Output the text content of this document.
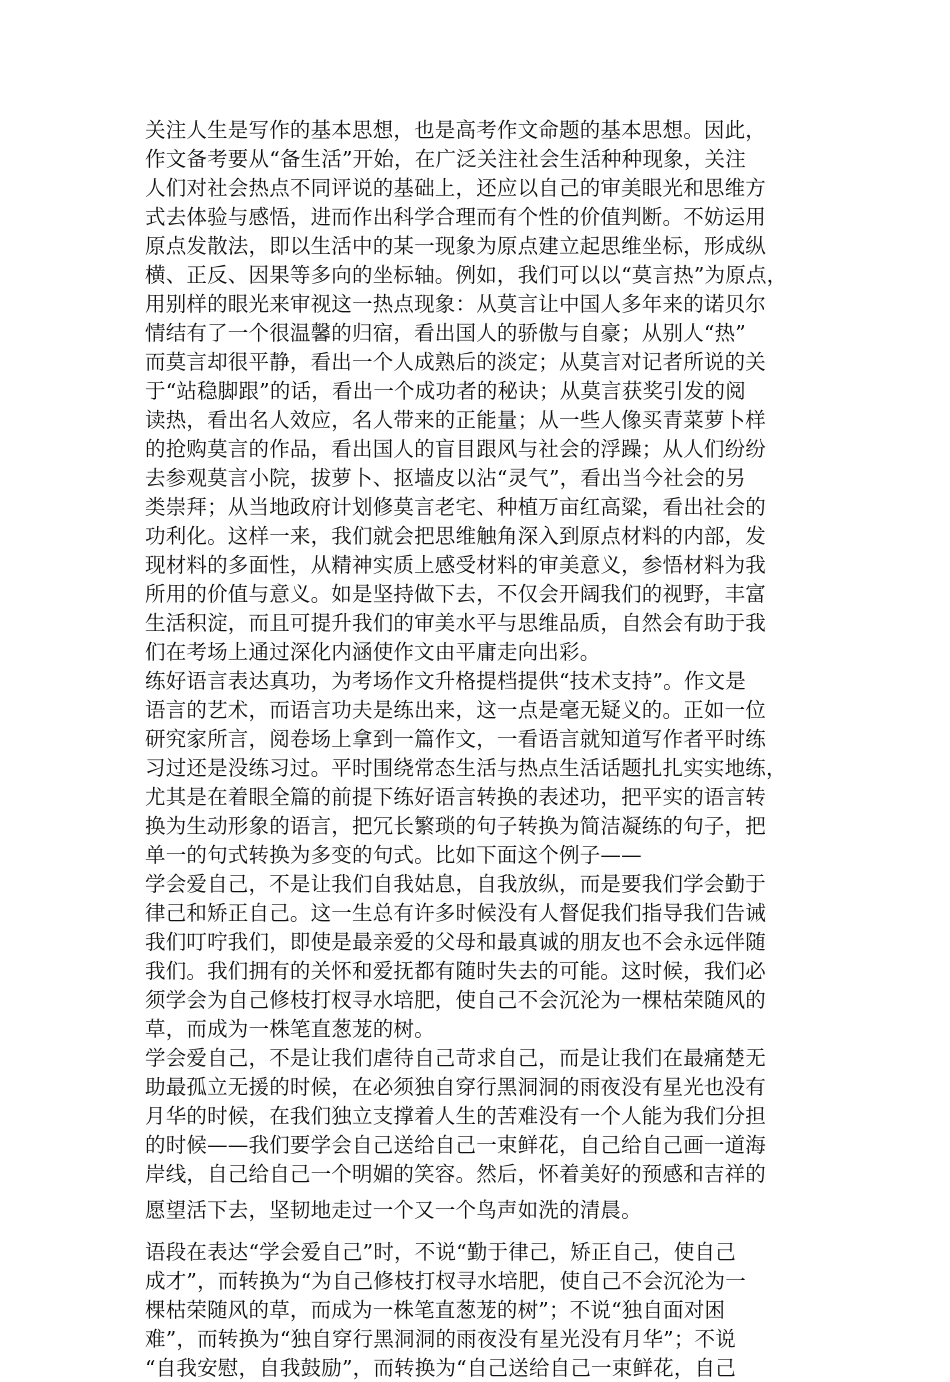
关注人生是写作的基本思想，也是高考作文命题的基本思想。因此，
作文备考要从“备生活”开始，在广泛关注社会生活种种现象，关注
人们对社会热点不同评说的基础上，还应以自己的审美眼光和思维方
式去体验与感悟，进而作出科学合理而有个性的价值判断。不妨运用
原点发散法，即以生活中的某一现象为原点建立起思维坐标，形成纵
横、正反、因果等多向的坐标轴。例如，我们可以以“莫言热”为原点，
用别样的眼光来审视这一热点现象：从莫言让中国人多年来的诺贝尔
情结有了一个很温馨的归宿，看出国人的骄傲与自豪；从别人“热”
而莫言却很平静，看出一个人成熟后的淡定；从莫言对记者所说的关
于“站稳脚跟”的话，看出一个成功者的秘诀；从莫言获奖引发的阅
读热，看出名人效应，名人带来的正能量；从一些人像买青菜萝卜样
的抢购莫言的作品，看出国人的盲目跟风与社会的浮躁；从人们纷纷
去参观莫言小院，拔萝卜、抠墙皮以沾“灵气”，看出当今社会的另
类崇拜；从当地政府计划修莫言老宅、种植万亩红高粱，看出社会的
功利化。这样一来，我们就会把思维触角深入到原点材料的内部，发
现材料的多面性，从精神实质上感受材料的审美意义，参悟材料为我
所用的价值与意义。如是坚持做下去，不仅会开阔我们的视野，丰富
生活积淀，而且可提升我们的审美水平与思维品质，自然会有助于我
们在考场上通过深化内涵使作文由平庸走向出彩。
练好语言表达真功，为考场作文升格提档提供“技术支持”。作文是
语言的艺术，而语言功夫是练出来，这一点是毫无疑义的。正如一位
研究家所言，阅卷场上拿到一篇作文，一看语言就知道写作者平时练
习过还是没练习过。平时围绕常态生活与热点生活话题扎扎实实地练，
尤其是在着眼全篇的前提下练好语言转换的表述功，把平实的语言转
换为生动形象的语言，把冗长繁琐的句子转换为简洁凝练的句子，把
单一的句式转换为多变的句式。比如下面这个例子——
学会爱自己，不是让我们自我姑息，自我放纵，而是要我们学会勤于
律己和矫正自己。这一生总有许多时候没有人督促我们指导我们告诫
我们叮咛我们，即使是最亲爱的父母和最真诚的朋友也不会永远伴随
我们。我们拥有的关怀和爱抚都有随时失去的可能。这时候，我们必
须学会为自己修枝打杈寻水培肥，使自己不会沉沦为一棵枯荣随风的
草，而成为一株笔直葱茏的树。
学会爱自己，不是让我们虐待自己苛求自己，而是让我们在最痛楚无
助最孤立无援的时候，在必须独自穿行黑洞洞的雨夜没有星光也没有
月华的时候，在我们独立支撑着人生的苦难没有一个人能为我们分担
的时候——我们要学会自己送给自己一束鲜花，自己给自己画一道海
岸线，自己给自己一个明媚的笑容。然后，怀着美好的预感和吉祥的
愿望活下去，坚韧地走过一个又一个鸟声如洗的清晨。
语段在表达“学会爱自己”时，不说“勤于律己，矫正自己，使自己
成才”，而转换为“为自己修枝打杈寻水培肥，使自己不会沉沦为一
棵枯荣随风的草，而成为一株笔直葱茏的树”；不说“独自面对困
难”，而转换为“独自穿行黑洞洞的雨夜没有星光没有月华”；不说
“自我安慰，自我鼓励”，而转换为“自己送给自己一束鲜花，自己
